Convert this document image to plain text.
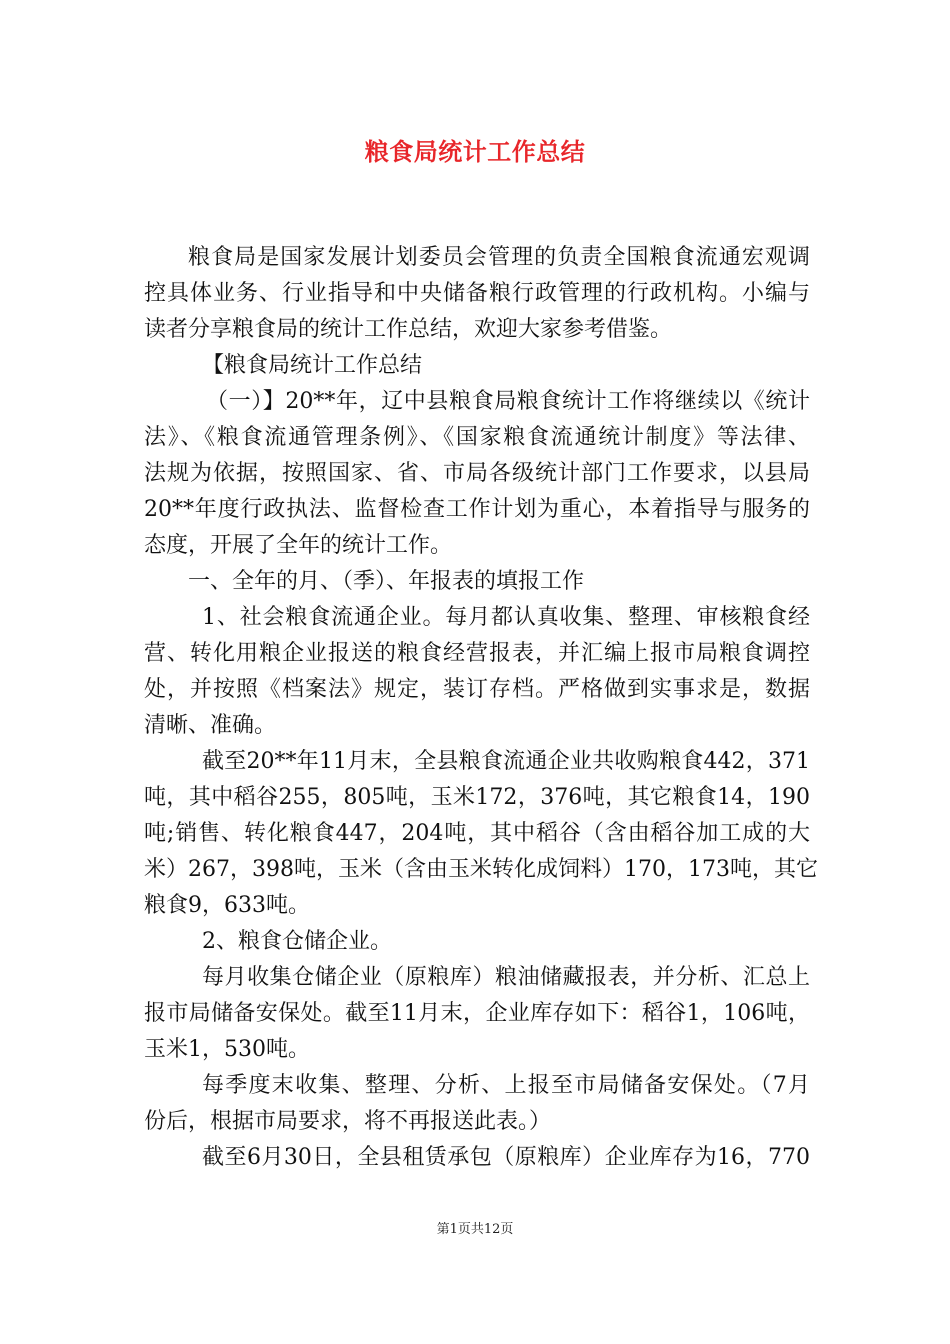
粮食局统计工作总结
粮食局是国家发展计划委员会管理的负责全国粮食流通宏观调
控具体业务、行业指导和中央储备粮行政管理的行政机构。小编与
读者分享粮食局的统计工作总结，欢迎大家参考借鉴。
【粮食局统计工作总结
（一）】20**年，辽中县粮食局粮食统计工作将继续以《统计
法》、《粮食流通管理条例》、《国家粮食流通统计制度》等法律、
法规为依据，按照国家、省、市局各级统计部门工作要求，以县局
20**年度行政执法、监督检查工作计划为重心，本着指导与服务的
态度，开展了全年的统计工作。
一、全年的月、（季）、年报表的填报工作
1、社会粮食流通企业。每月都认真收集、整理、审核粮食经
营、转化用粮企业报送的粮食经营报表，并汇编上报市局粮食调控
处，并按照《档案法》规定，装订存档。严格做到实事求是，数据
清晰、准确。
截至20**年11月末，全县粮食流通企业共收购粮食442，371
吨，其中稻谷255，805吨，玉米172，376吨，其它粮食14，190
吨;销售、转化粮食447，204吨，其中稻谷（含由稻谷加工成的大
米）267，398吨，玉米（含由玉米转化成饲料）170，173吨，其它
粮食9，633吨。
2、粮食仓储企业。
每月收集仓储企业（原粮库）粮油储藏报表，并分析、汇总上
报市局储备安保处。截至11月末，企业库存如下：稻谷1，106吨，
玉米1，530吨。
每季度末收集、整理、分析、上报至市局储备安保处。（7月
份后，根据市局要求，将不再报送此表。）
截至6月30日，全县租赁承包（原粮库）企业库存为16，770
第1页共12页
